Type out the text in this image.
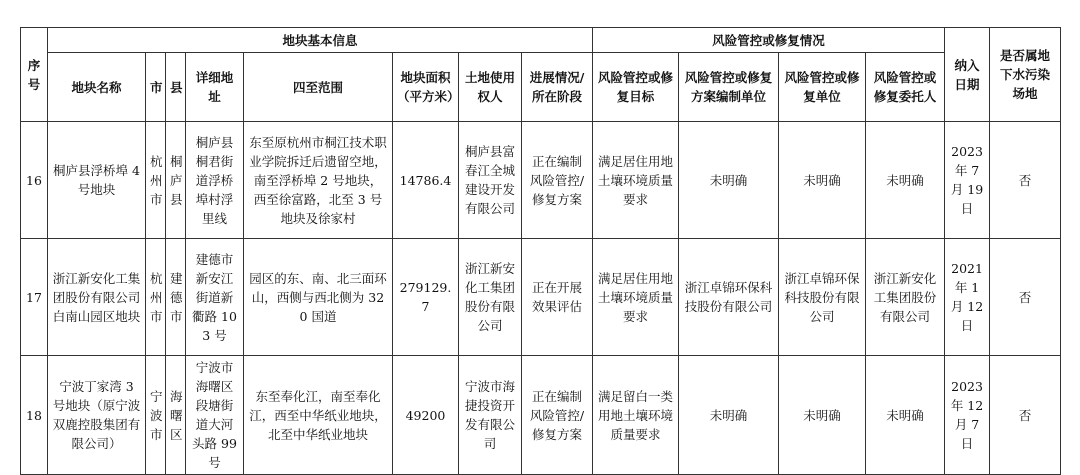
序号	地块基本信息								风险管控或修复情况				纳入日期	是否属地下水污染场地
	地块名称	市	县	详细地址	四至范围	地块面积（平方米）	土地使用权人	进展情况/所在阶段	风险管控或修复目标	风险管控或修复方案编制单位	风险管控或修复单位	风险管控或修复委托人		
16	桐庐县浮桥埠 4 号地块	杭州市	桐庐县	桐庐县桐君街道浮桥埠村浮里线	东至原杭州市桐江技术职业学院拆迁后遗留空地，南至浮桥埠 2 号地块，西至徐富路，北至 3 号地块及徐家村	14786.4	桐庐县富春江全城建设开发有限公司	正在编制风险管控/修复方案	满足居住用地土壤环境质量要求	未明确	未明确	未明确	2023 年 7 月 19 日	否
17	浙江新安化工集团股份有限公司白南山园区地块	杭州市	建德市	建德市新安江街道新衢路 103 号	园区的东、南、北三面环山，西侧与西北侧为 320 国道	279129.7	浙江新安化工集团股份有限公司	正在开展效果评估	满足居住用地土壤环境质量要求	浙江卓锦环保科技股份有限公司	浙江卓锦环保科技股份有限公司	浙江新安化工集团股份有限公司	2021 年 1 月 12 日	否
18	宁波丁家湾 3 号地块（原宁波双鹿控股集团有限公司）	宁波市	海曙区	宁波市海曙区段塘街道大河头路 99 号	东至奉化江，南至奉化江，西至中华纸业地块，北至中华纸业地块	49200	宁波市海捷投资开发有限公司	正在编制风险管控/修复方案	满足留白一类用地土壤环境质量要求	未明确	未明确	未明确	2023 年 12 月 7 日	否
